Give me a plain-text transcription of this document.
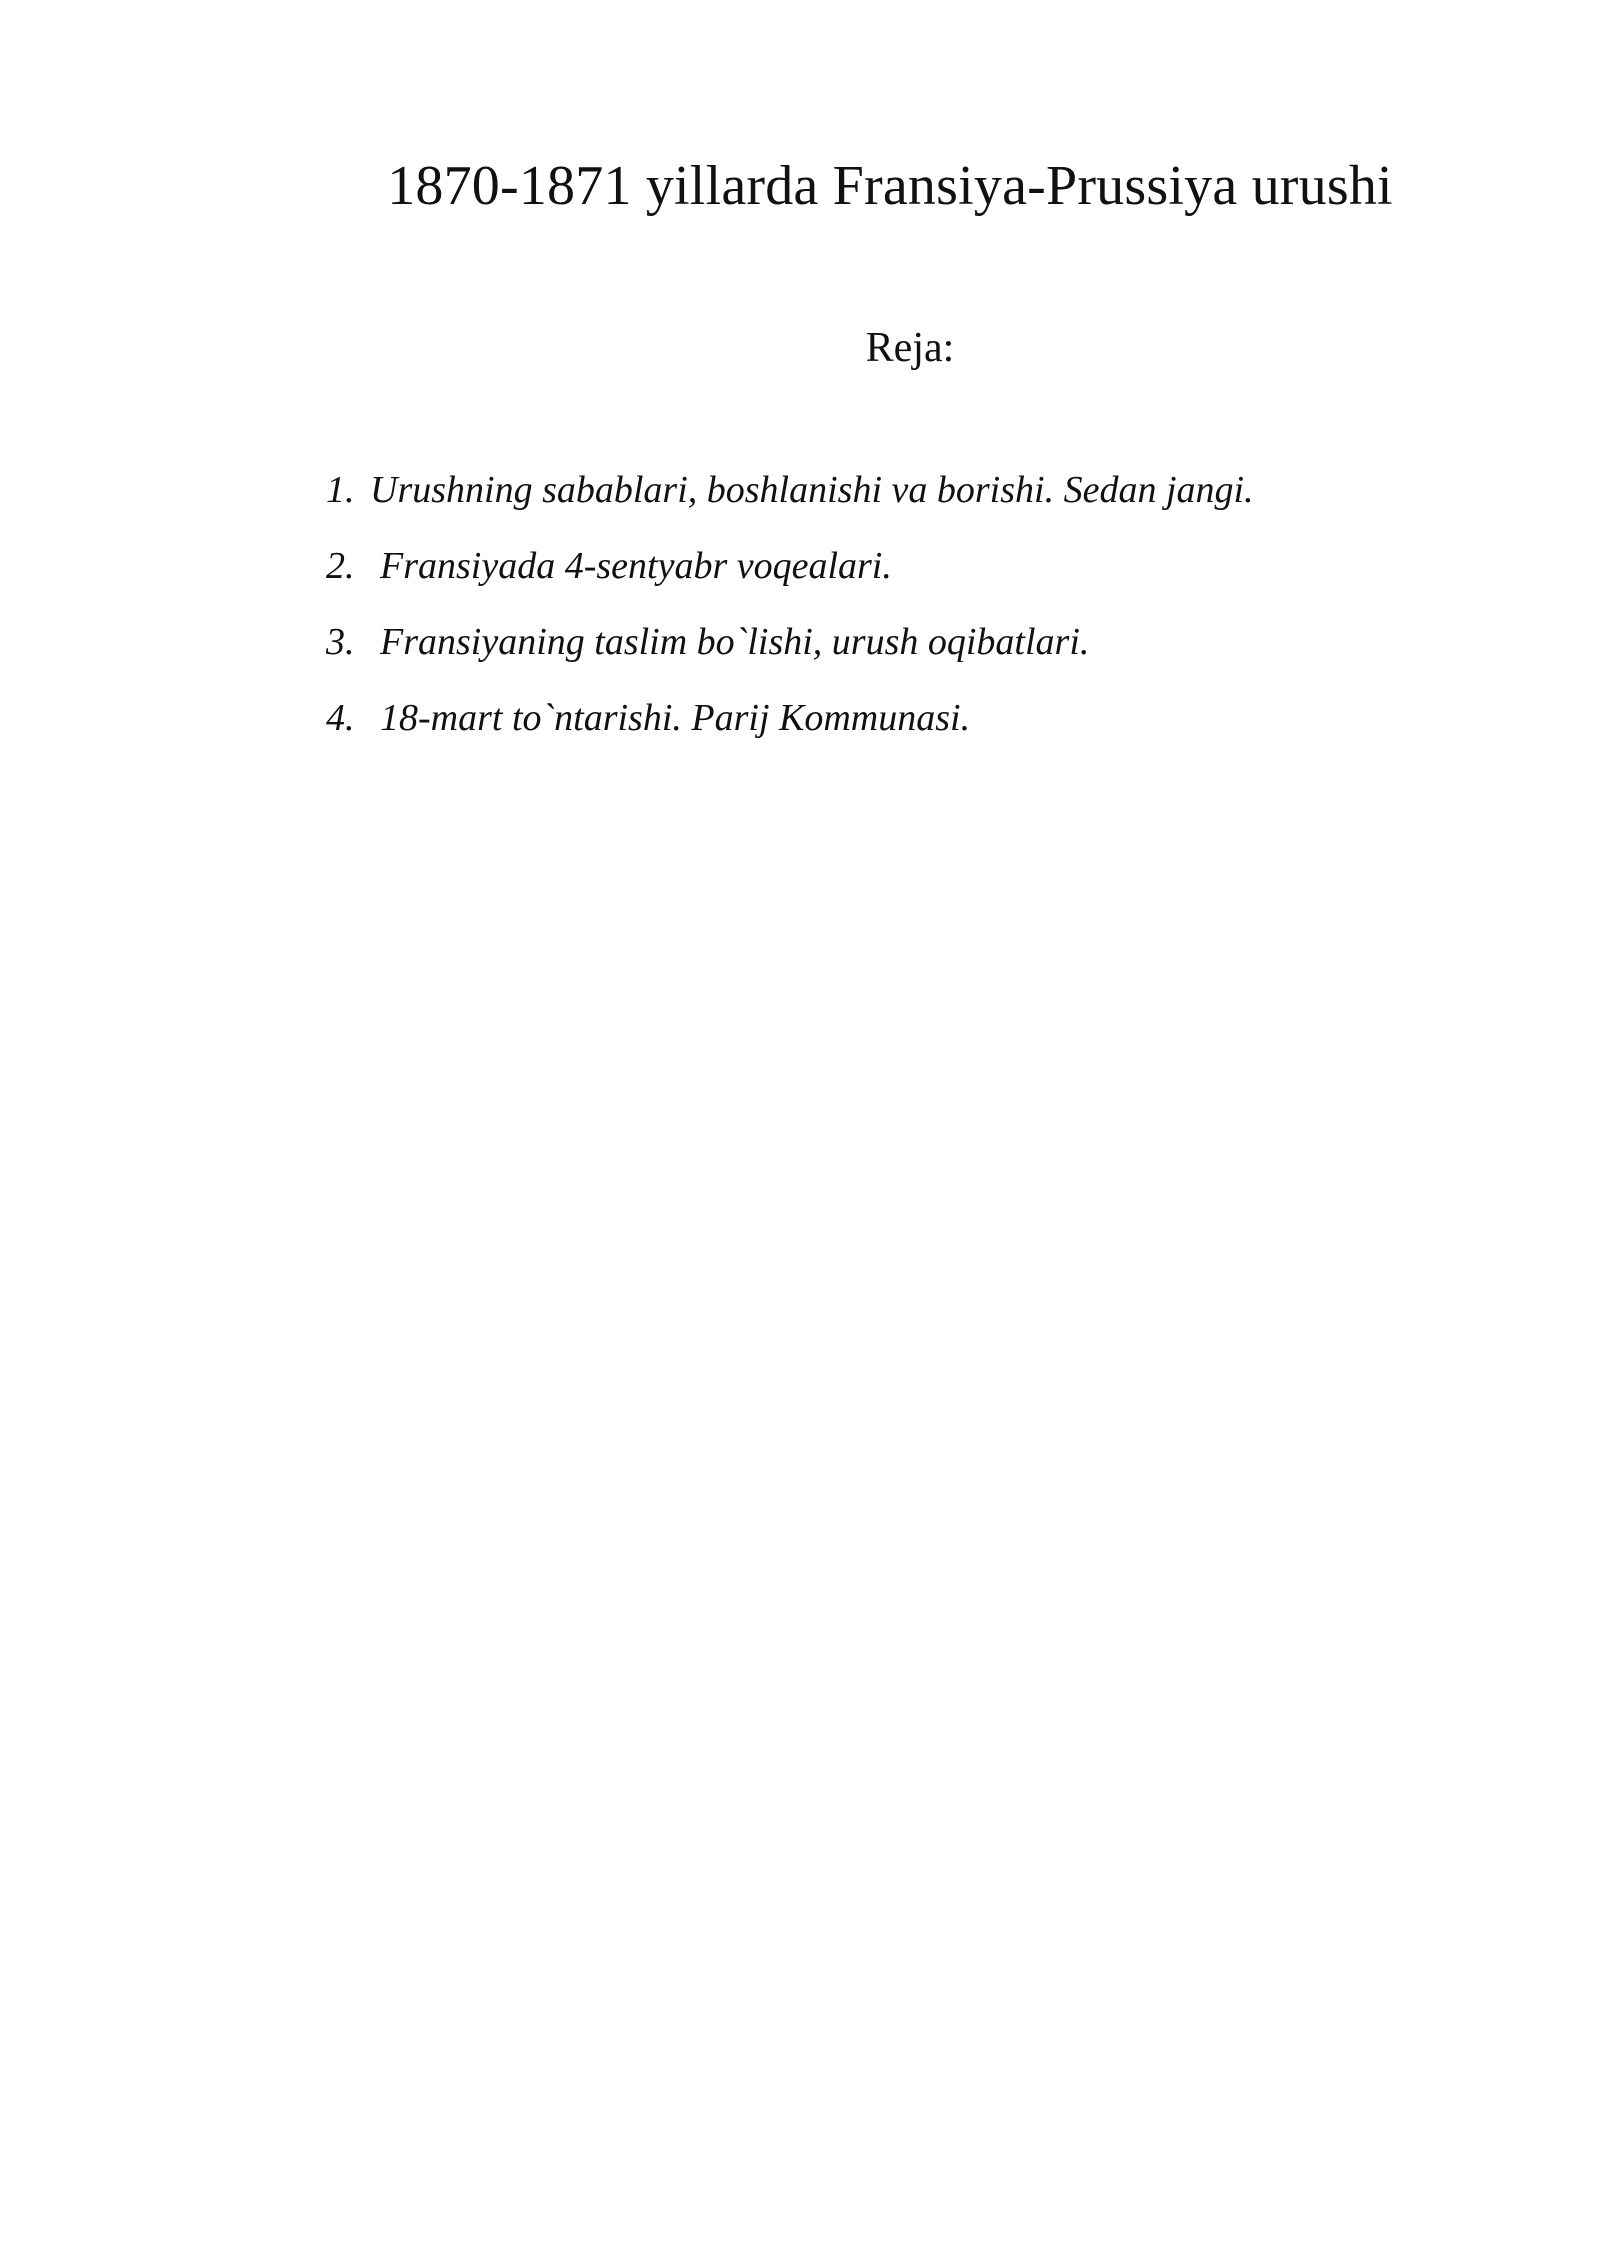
1870-1871 yillarda Fransiya-Prussiya urushi
Reja:
1. Urushning sabablari, boshlanishi va borishi. Sedan jangi.
2. Fransiyada 4-sentyabr voqealari.
3. Fransiyaning taslim bo`lishi, urush oqibatlari.
4. 18-mart to`ntarishi. Parij Kommunasi.
